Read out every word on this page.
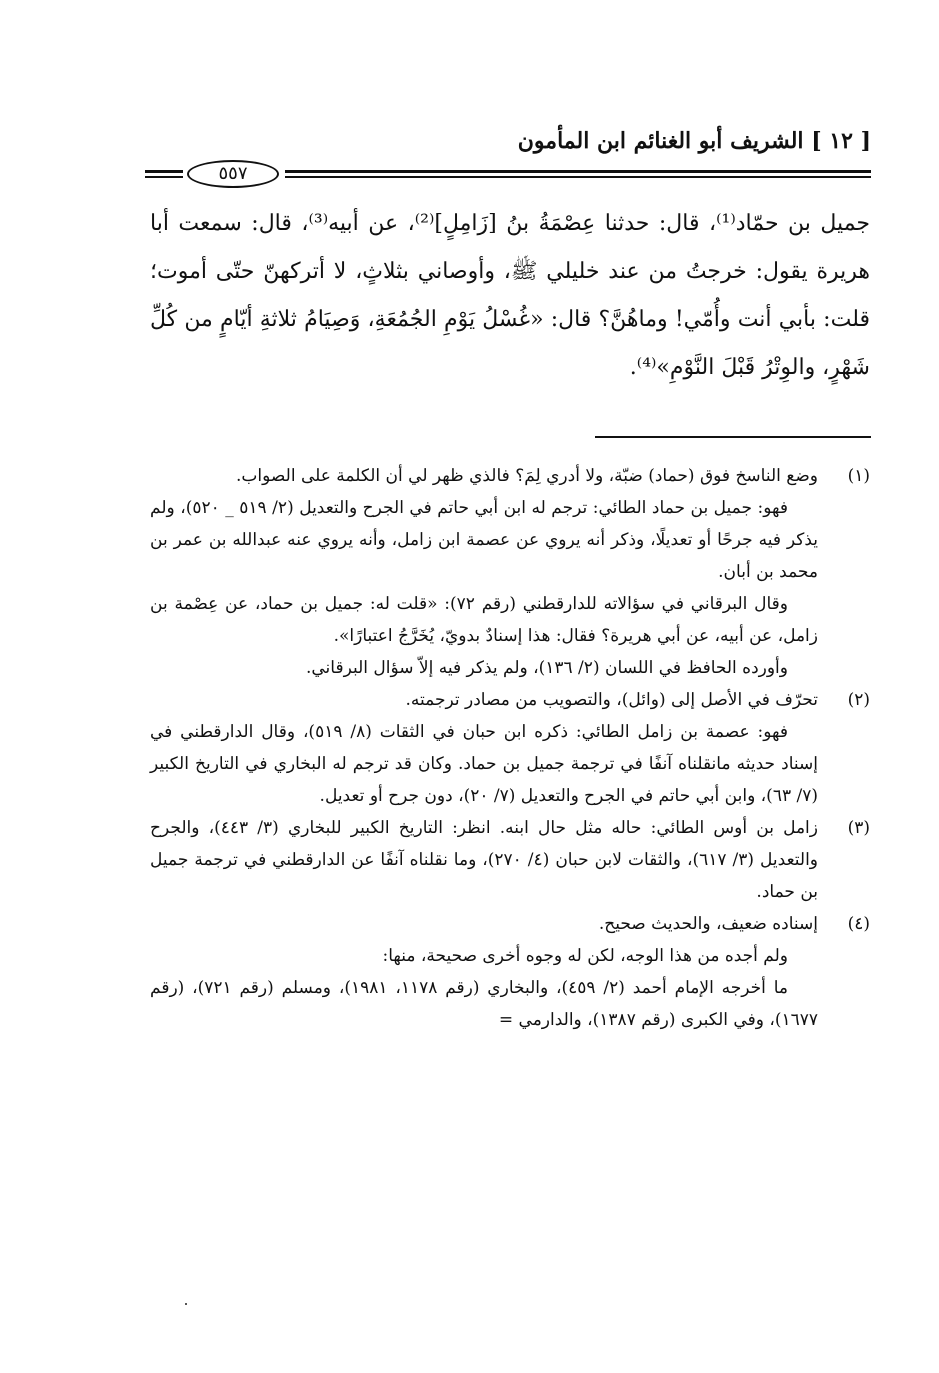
[ ١٢ ] الشريف أبو الغنائم ابن المأمون
٥٥٧
جميل بن حمّاد⁽¹⁾، قال: حدثنا عِصْمَةُ بنُ [زَامِلٍ]⁽²⁾، عن أبيه⁽³⁾، قال: سمعت أبا هريرة يقول: خرجتُ من عند خليلي ﷺ، وأوصاني بثلاثٍ، لا أتركهنّ حتّى أموت؛ قلت: بأبي أنت وأُمّي! وماهُنَّ؟ قال: «غُسْلُ يَوْمِ الجُمُعَةِ، وَصِيَامُ ثلاثةِ أيّامٍ من كُلِّ شَهْرٍ، والوِتْرُ قَبْلَ النَّوْمِ»⁽⁴⁾.
(١)

وضع الناسخ فوق (حماد) ضبّة، ولا أدري لِمَ؟ فالذي ظهر لي أن الكلمة على الصواب.

فهو: جميل بن حماد الطائي: ترجم له ابن أبي حاتم في الجرح والتعديل (٢/ ٥١٩ _ ٥٢٠)، ولم يذكر فيه جرحًا أو تعديلًا، وذكر أنه يروي عن عصمة ابن زامل، وأنه يروي عنه عبدالله بن عمر بن محمد بن أبان.

وقال البرقاني في سؤالاته للدارقطني (رقم ٧٢): «قلت له: جميل بن حماد، عن عِصْمة بن زامل، عن أبيه، عن أبي هريرة؟ فقال: هذا إسنادٌ بدويّ، يُخَرَّجُ اعتبارًا».

وأورده الحافظ في اللسان (٢/ ١٣٦)، ولم يذكر فيه إلاّ سؤال البرقاني.

(٢)

تحرّف في الأصل إلى (وائل)، والتصويب من مصادر ترجمته.

فهو: عصمة بن زامل الطائي: ذكره ابن حبان في الثقات (٨/ ٥١٩)، وقال الدارقطني في إسناد حديثه مانقلناه آنفًا في ترجمة جميل بن حماد. وكان قد ترجم له البخاري في التاريخ الكبير (٧/ ٦٣)، وابن أبي حاتم في الجرح والتعديل (٧/ ٢٠)، دون جرح أو تعديل.

(٣)

زامل بن أوس الطائي: حاله مثل حال ابنه. انظر: التاريخ الكبير للبخاري (٣/ ٤٤٣)، والجرح والتعديل (٣/ ٦١٧)، والثقات لابن حبان (٤/ ٢٧٠)، وما نقلناه آنفًا عن الدارقطني في ترجمة جميل بن حماد.

(٤)

إسناده ضعيف، والحديث صحيح.

ولم أجده من هذا الوجه، لكن له وجوه أخرى صحيحة، منها:

ما أخرجه الإمام أحمد (٢/ ٤٥٩)، والبخاري (رقم ١١٧٨، ١٩٨١)، ومسلم (رقم ٧٢١)، (رقم ١٦٧٧)، وفي الكبرى (رقم ١٣٨٧)، والدارمي =
